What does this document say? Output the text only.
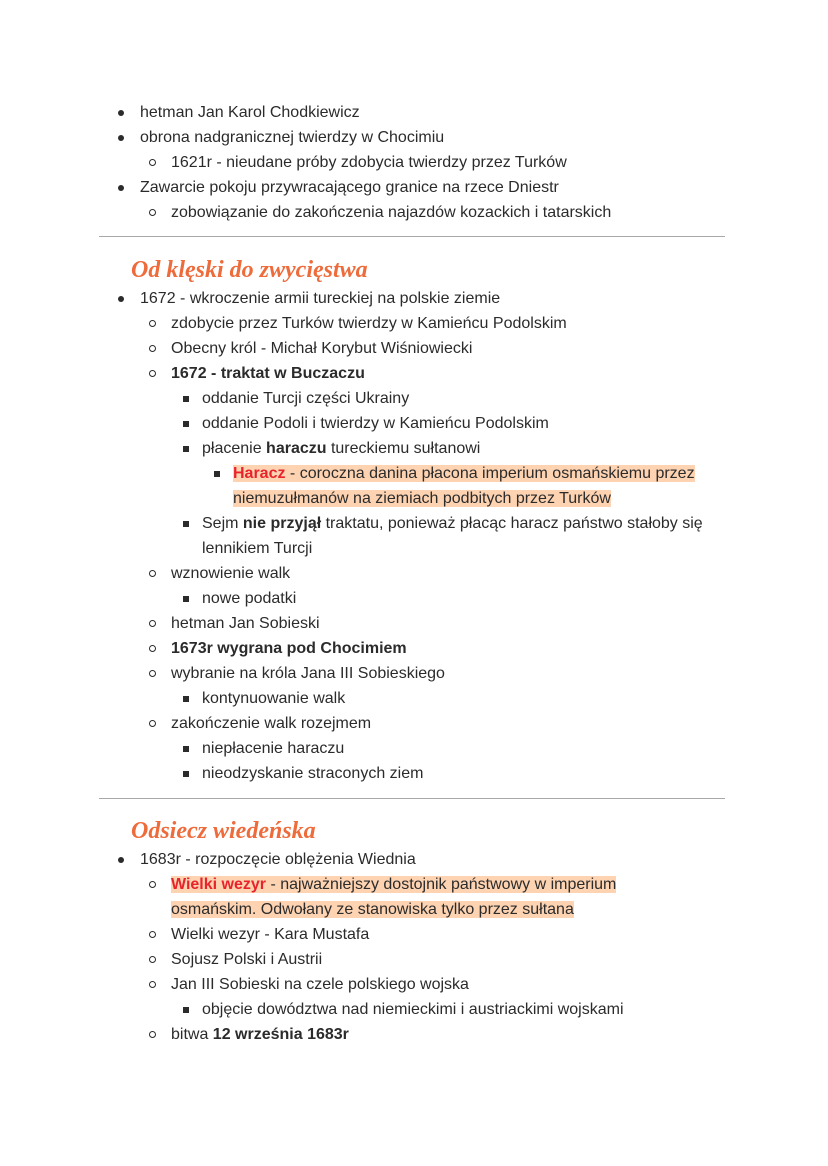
hetman Jan Karol Chodkiewicz
obrona nadgranicznej twierdzy w Chocimiu
1621r - nieudane próby zdobycia twierdzy przez Turków
Zawarcie pokoju przywracającego granice na rzece Dniestr
zobowiązanie do zakończenia najazdów kozackich i tatarskich
Od klęski do zwycięstwa
1672 - wkroczenie armii tureckiej na polskie ziemie
zdobycie przez Turków twierdzy w Kamieńcu Podolskim
Obecny król - Michał Korybut Wiśniowiecki
1672 - traktat w Buczaczu
oddanie Turcji części Ukrainy
oddanie Podoli i twierdzy w Kamieńcu Podolskim
płacenie haraczu tureckiemu sułtanowi
Haracz - coroczna danina płacona imperium osmańskiemu przez niemuzułmanów na ziemiach podbitych przez Turków
Sejm nie przyjął traktatu, ponieważ płacąc haracz państwo stałoby się lennikiem Turcji
wznowienie walk
nowe podatki
hetman Jan Sobieski
1673r wygrana pod Chocimiem
wybranie na króla Jana III Sobieskiego
kontynuowanie walk
zakończenie walk rozejmem
niepłacenie haraczu
nieodzyskanie straconych ziem
Odsiecz wiedeńska
1683r - rozpoczęcie oblężenia Wiednia
Wielki wezyr - najważniejszy dostojnik państwowy w imperium osmańskim. Odwołany ze stanowiska tylko przez sułtana
Wielki wezyr - Kara Mustafa
Sojusz Polski i Austrii
Jan III Sobieski na czele polskiego wojska
objęcie dowództwa nad niemieckimi i austriackimi wojskami
bitwa 12 września 1683r
